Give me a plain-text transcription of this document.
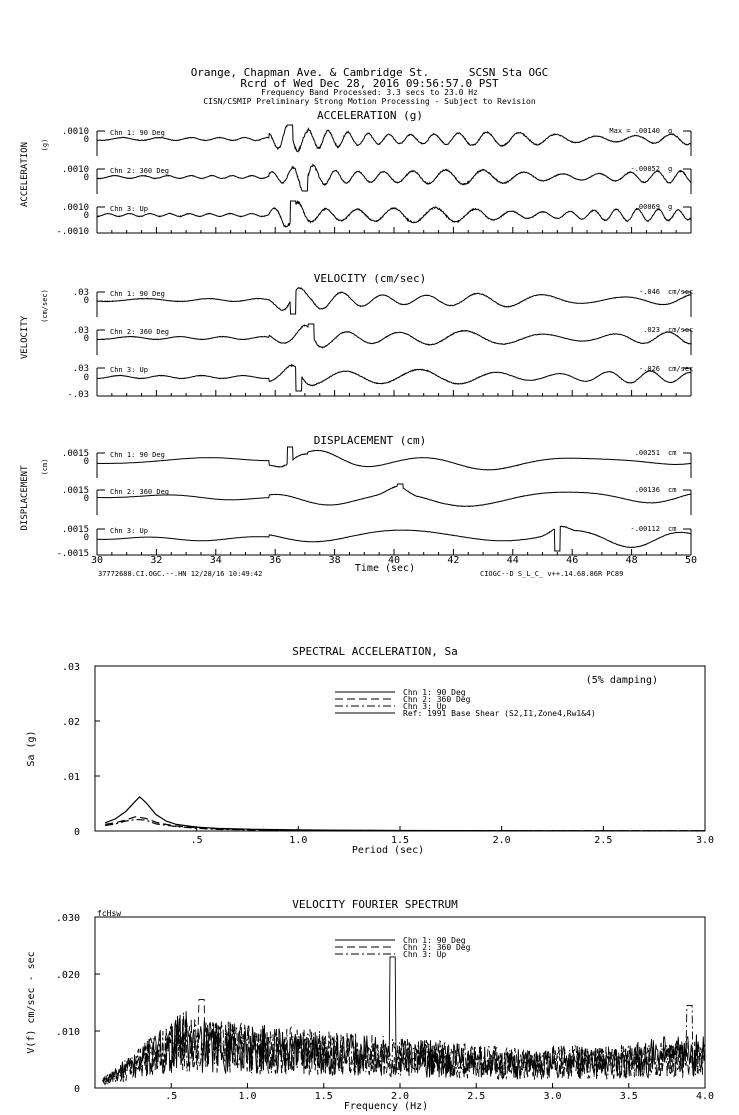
Orange, Chapman Ave. & Cambridge St.      SCSN Sta OGC
Rcrd of Wed Dec 28, 2016 09:56:57.0 PST
Frequency Band Processed: 3.3 secs to 23.0 Hz
CISN/CSMIP Preliminary Strong Motion Processing - Subject to Revision
ACCELERATION (g)
ACCELERATION (g)
.0010
0
Chn 1: 90 Deg	Max = .00140 g
.0010
0
Chn 2: 360 Deg	-.00052 g
.0010
0
-.0010
Chn 3: Up	.00069 g
VELOCITY (cm/sec)
VELOCITY
(cm/sec)	.03
0
Chn 1: 90 Deg	-.046 cm/sec
.03
0
Chn 2: 360 Deg	.023 cm/sec
.03
0
-.03
Chn 3: Up	-.026 cm/sec
DISPLACEMENT (cm)
DISPLACEMENT (cm)
.0015
0
Chn 1: 90 Deg	.00251 cm
.0015
0
Chn 2: 360 Deg	.00136 cm
.0015
0
-.0015
Chn 3: Up	-.00112 cm
30	32	34	36	38	40	42	44	46	48	50
Time (sec)
37772688.CI.OGC.--.HN 12/28/16 10:49:42	CIOGC--D S_L_C_ v++.14.68.86R PC89
SPECTRAL ACCELERATION, Sa
.03
.02
.01
0
.5	1.0	1.5	2.0	2.5	3.0
Period (sec)
Sa (g)
(5% damping)
Chn 1: 90 Deg
Chn 2: 360 Deg
Chn 3: Up
Ref: 1991 Base Shear (S2,I1,Zone4,Rw1&4)
VELOCITY FOURIER SPECTRUM
fcHsw
.030
.020
.010
0
.5	1.0	1.5	2.0	2.5	3.0	3.5	4.0
Frequency (Hz)
V(f) cm/sec - sec
Chn 1: 90 Deg
Chn 2: 360 Deg
Chn 3: Up
